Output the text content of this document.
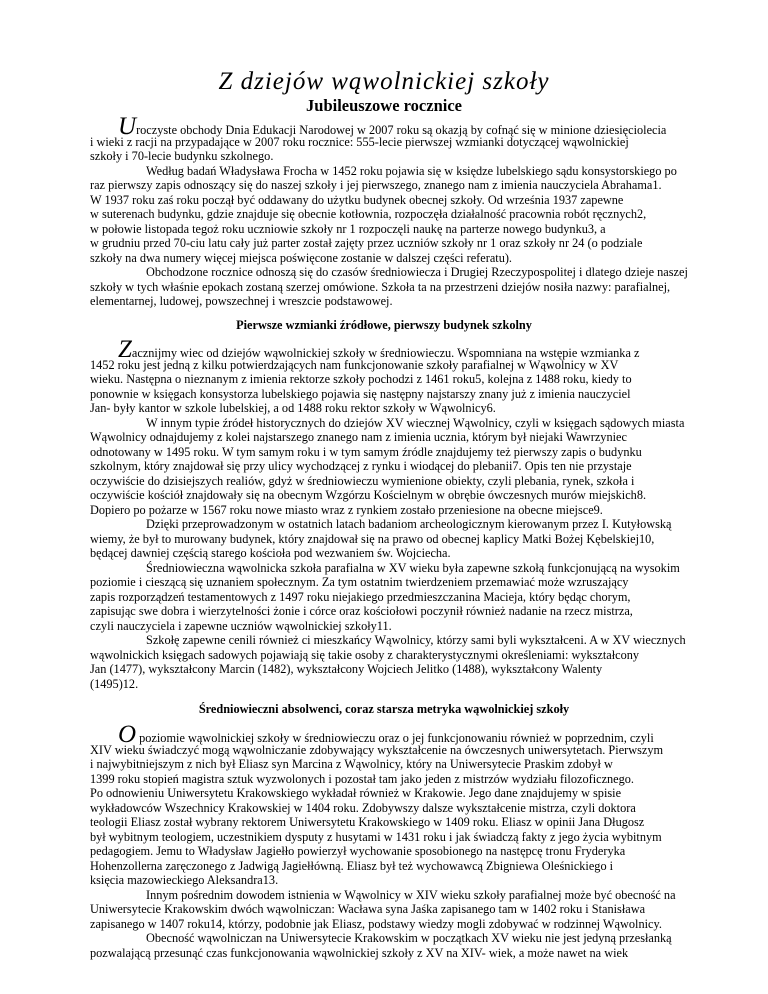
Z dziejów wąwolnickiej szkoły
Jubileuszowe rocznice
Uroczyste obchody Dnia Edukacji Narodowej w 2007 roku są okazją by cofnąć się w minione dziesięciolecia
i wieki z racji na przypadające w 2007 roku rocznice: 555-lecie pierwszej wzmianki dotyczącej wąwolnickiej
szkoły i 70-lecie budynku szkolnego.
Według badań Władysława Frocha w 1452 roku pojawia się w księdze lubelskiego sądu konsystorskiego po
raz pierwszy zapis odnoszący się do naszej szkoły i jej pierwszego, znanego nam z imienia nauczyciela Abrahama1.
W 1937 roku zaś roku począł być oddawany do użytku budynek obecnej szkoły. Od września 1937 zapewne
w suterenach budynku, gdzie znajduje się obecnie kotłownia, rozpoczęła działalność pracownia robót ręcznych2,
w połowie listopada tegoż roku uczniowie szkoły nr 1 rozpoczęli naukę na parterze nowego budynku3, a
w grudniu przed 70-ciu latu cały już parter został zajęty przez uczniów szkoły nr 1 oraz szkoły nr 24 (o podziale
szkoły na dwa numery więcej miejsca poświęcone zostanie w dalszej części referatu).
Obchodzone rocznice odnoszą się do czasów średniowiecza i Drugiej Rzeczypospolitej i dlatego dzieje naszej
szkoły w tych właśnie epokach zostaną szerzej omówione. Szkoła ta na przestrzeni dziejów nosiła nazwy: parafialnej,
elementarnej, ludowej, powszechnej i wreszcie podstawowej.
Pierwsze wzmianki źródłowe, pierwszy budynek szkolny
Zacznijmy wiec od dziejów wąwolnickiej szkoły w średniowieczu. Wspomniana na wstępie wzmianka z
1452 roku jest jedną z kilku potwierdzających nam funkcjonowanie szkoły parafialnej w Wąwolnicy w XV
wieku. Następna o nieznanym z imienia rektorze szkoły pochodzi z 1461 roku5, kolejna z 1488 roku, kiedy to
ponownie w księgach konsystorza lubelskiego pojawia się następny najstarszy znany już z imienia nauczyciel
Jan- były kantor w szkole lubelskiej, a od 1488 roku rektor szkoły w Wąwolnicy6.
W innym typie źródeł historycznych do dziejów XV wiecznej Wąwolnicy, czyli w księgach sądowych miasta
Wąwolnicy odnajdujemy z kolei najstarszego znanego nam z imienia ucznia, którym był niejaki Wawrzyniec
odnotowany w 1495 roku. W tym samym roku i w tym samym źródle znajdujemy też pierwszy zapis o budynku
szkolnym, który znajdował się przy ulicy wychodzącej z rynku i wiodącej do plebanii7. Opis ten nie przystaje
oczywiście do dzisiejszych realiów, gdyż w średniowieczu wymienione obiekty, czyli plebania, rynek, szkoła i
oczywiście kościół znajdowały się na obecnym Wzgórzu Kościelnym w obrębie ówczesnych murów miejskich8.
Dopiero po pożarze w 1567 roku nowe miasto wraz z rynkiem zostało przeniesione na obecne miejsce9.
Dzięki przeprowadzonym w ostatnich latach badaniom archeologicznym kierowanym przez I. Kutyłowską
wiemy, że był to murowany budynek, który znajdował się na prawo od obecnej kaplicy Matki Bożej Kębelskiej10,
będącej dawniej częścią starego kościoła pod wezwaniem św. Wojciecha.
Średniowieczna wąwolnicka szkoła parafialna w XV wieku była zapewne szkołą funkcjonującą na wysokim
poziomie i cieszącą się uznaniem społecznym. Za tym ostatnim twierdzeniem przemawiać może wzruszający
zapis rozporządzeń testamentowych z 1497 roku niejakiego przedmieszczanina Macieja, który będąc chorym,
zapisując swe dobra i wierzytelności żonie i córce oraz kościołowi poczynił również nadanie na rzecz mistrza,
czyli nauczyciela i zapewne uczniów wąwolnickiej szkoły11.
Szkołę zapewne cenili również ci mieszkańcy Wąwolnicy, którzy sami byli wykształceni. A w XV wiecznych
wąwolnickich księgach sadowych pojawiają się takie osoby z charakterystycznymi określeniami: wykształcony
Jan (1477), wykształcony Marcin (1482), wykształcony Wojciech Jelitko (1488), wykształcony Walenty
(1495)12.
Średniowieczni absolwenci, coraz starsza metryka wąwolnickiej szkoły
O poziomie wąwolnickiej szkoły w średniowieczu oraz o jej funkcjonowaniu również w poprzednim, czyli
XIV wieku świadczyć mogą wąwolniczanie zdobywający wykształcenie na ówczesnych uniwersytetach. Pierwszym
i najwybitniejszym z nich był Eliasz syn Marcina z Wąwolnicy, który na Uniwersytecie Praskim zdobył w
1399 roku stopień magistra sztuk wyzwolonych i pozostał tam jako jeden z mistrzów wydziału filozoficznego.
Po odnowieniu Uniwersytetu Krakowskiego wykładał również w Krakowie. Jego dane znajdujemy w spisie
wykładowców Wszechnicy Krakowskiej w 1404 roku. Zdobywszy dalsze wykształcenie mistrza, czyli doktora
teologii Eliasz został wybrany rektorem Uniwersytetu Krakowskiego w 1409 roku. Eliasz w opinii Jana Długosz
był wybitnym teologiem, uczestnikiem dysputy z husytami w 1431 roku i jak świadczą fakty z jego życia wybitnym
pedagogiem. Jemu to Władysław Jagiełło powierzył wychowanie sposobionego na następcę tronu Fryderyka
Hohenzollerna zaręczonego z Jadwigą Jagiełłówną. Eliasz był też wychowawcą Zbigniewa Oleśnickiego i
księcia mazowieckiego Aleksandra13.
Innym pośrednim dowodem istnienia w Wąwolnicy w XIV wieku szkoły parafialnej może być obecność na
Uniwersytecie Krakowskim dwóch wąwolniczan: Wacława syna Jaśka zapisanego tam w 1402 roku i Stanisława
zapisanego w 1407 roku14, którzy, podobnie jak Eliasz, podstawy wiedzy mogli zdobywać w rodzinnej Wąwolnicy.
Obecność wąwolniczan na Uniwersytecie Krakowskim w początkach XV wieku nie jest jedyną przesłanką
pozwalającą przesunąć czas funkcjonowania wąwolnickiej szkoły z XV na XIV- wiek, a może nawet na wiek
